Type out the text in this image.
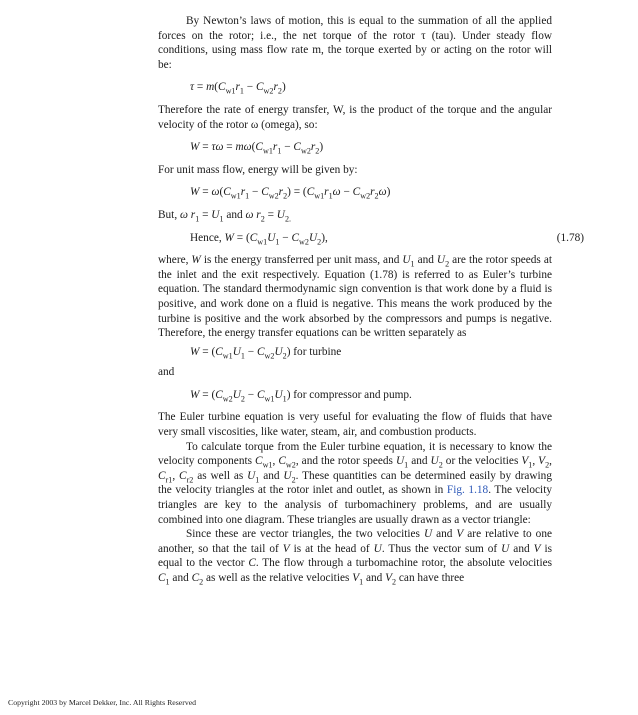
By Newton’s laws of motion, this is equal to the summation of all the applied forces on the rotor; i.e., the net torque of the rotor τ (tau). Under steady flow conditions, using mass flow rate m, the torque exerted by or acting on the rotor will be:

$\tau = m(C_{w1}r_1 - C_{w2}r_2)$

Therefore the rate of energy transfer, W, is the product of the torque and the angular velocity of the rotor ω (omega), so:

$W = \tau\omega = m\omega(C_{w1}r_1 - C_{w2}r_2)$

For unit mass flow, energy will be given by:

$W = \omega(C_{w1}r_1 - C_{w2}r_2) = (C_{w1}r_1\omega - C_{w2}r_2\omega)$

But, ω $r_1 = U_1$ and ω $r_2 = U_{2.}$

Hence, $W = (C_{w1}U_1 - C_{w2}U_2)$,	(1.78)

where, W is the energy transferred per unit mass, and $U_1$ and $U_2$ are the rotor speeds at the inlet and the exit respectively. Equation (1.78) is referred to as Euler’s turbine equation. The standard thermodynamic sign convention is that work done by a fluid is positive, and work done on a fluid is negative. This means the work produced by the turbine is positive and the work absorbed by the compressors and pumps is negative. Therefore, the energy transfer equations can be written separately as

$W = (C_{w1}U_1 - C_{w2}U_2)$ for turbine

and

$W = (C_{w2}U_2 - C_{w1}U_1)$ for compressor and pump.

The Euler turbine equation is very useful for evaluating the flow of fluids that have very small viscosities, like water, steam, air, and combustion products.

To calculate torque from the Euler turbine equation, it is necessary to know the velocity components $C_{w1}$, $C_{w2}$, and the rotor speeds $U_1$ and $U_2$ or the velocities $V_1$, $V_2$, $C_{r1}$, $C_{r2}$ as well as $U_1$ and $U_2$. These quantities can be determined easily by drawing the velocity triangles at the rotor inlet and outlet, as shown in Fig. 1.18. The velocity triangles are key to the analysis of turbomachinery problems, and are usually combined into one diagram. These triangles are usually drawn as a vector triangle:

Since these are vector triangles, the two velocities U and V are relative to one another, so that the tail of V is at the head of U. Thus the vector sum of U and V is equal to the vector C. The flow through a turbomachine rotor, the absolute velocities $C_1$ and $C_2$ as well as the relative velocities $V_1$ and $V_2$ can have three

Copyright 2003 by Marcel Dekker, Inc. All Rights Reserved
